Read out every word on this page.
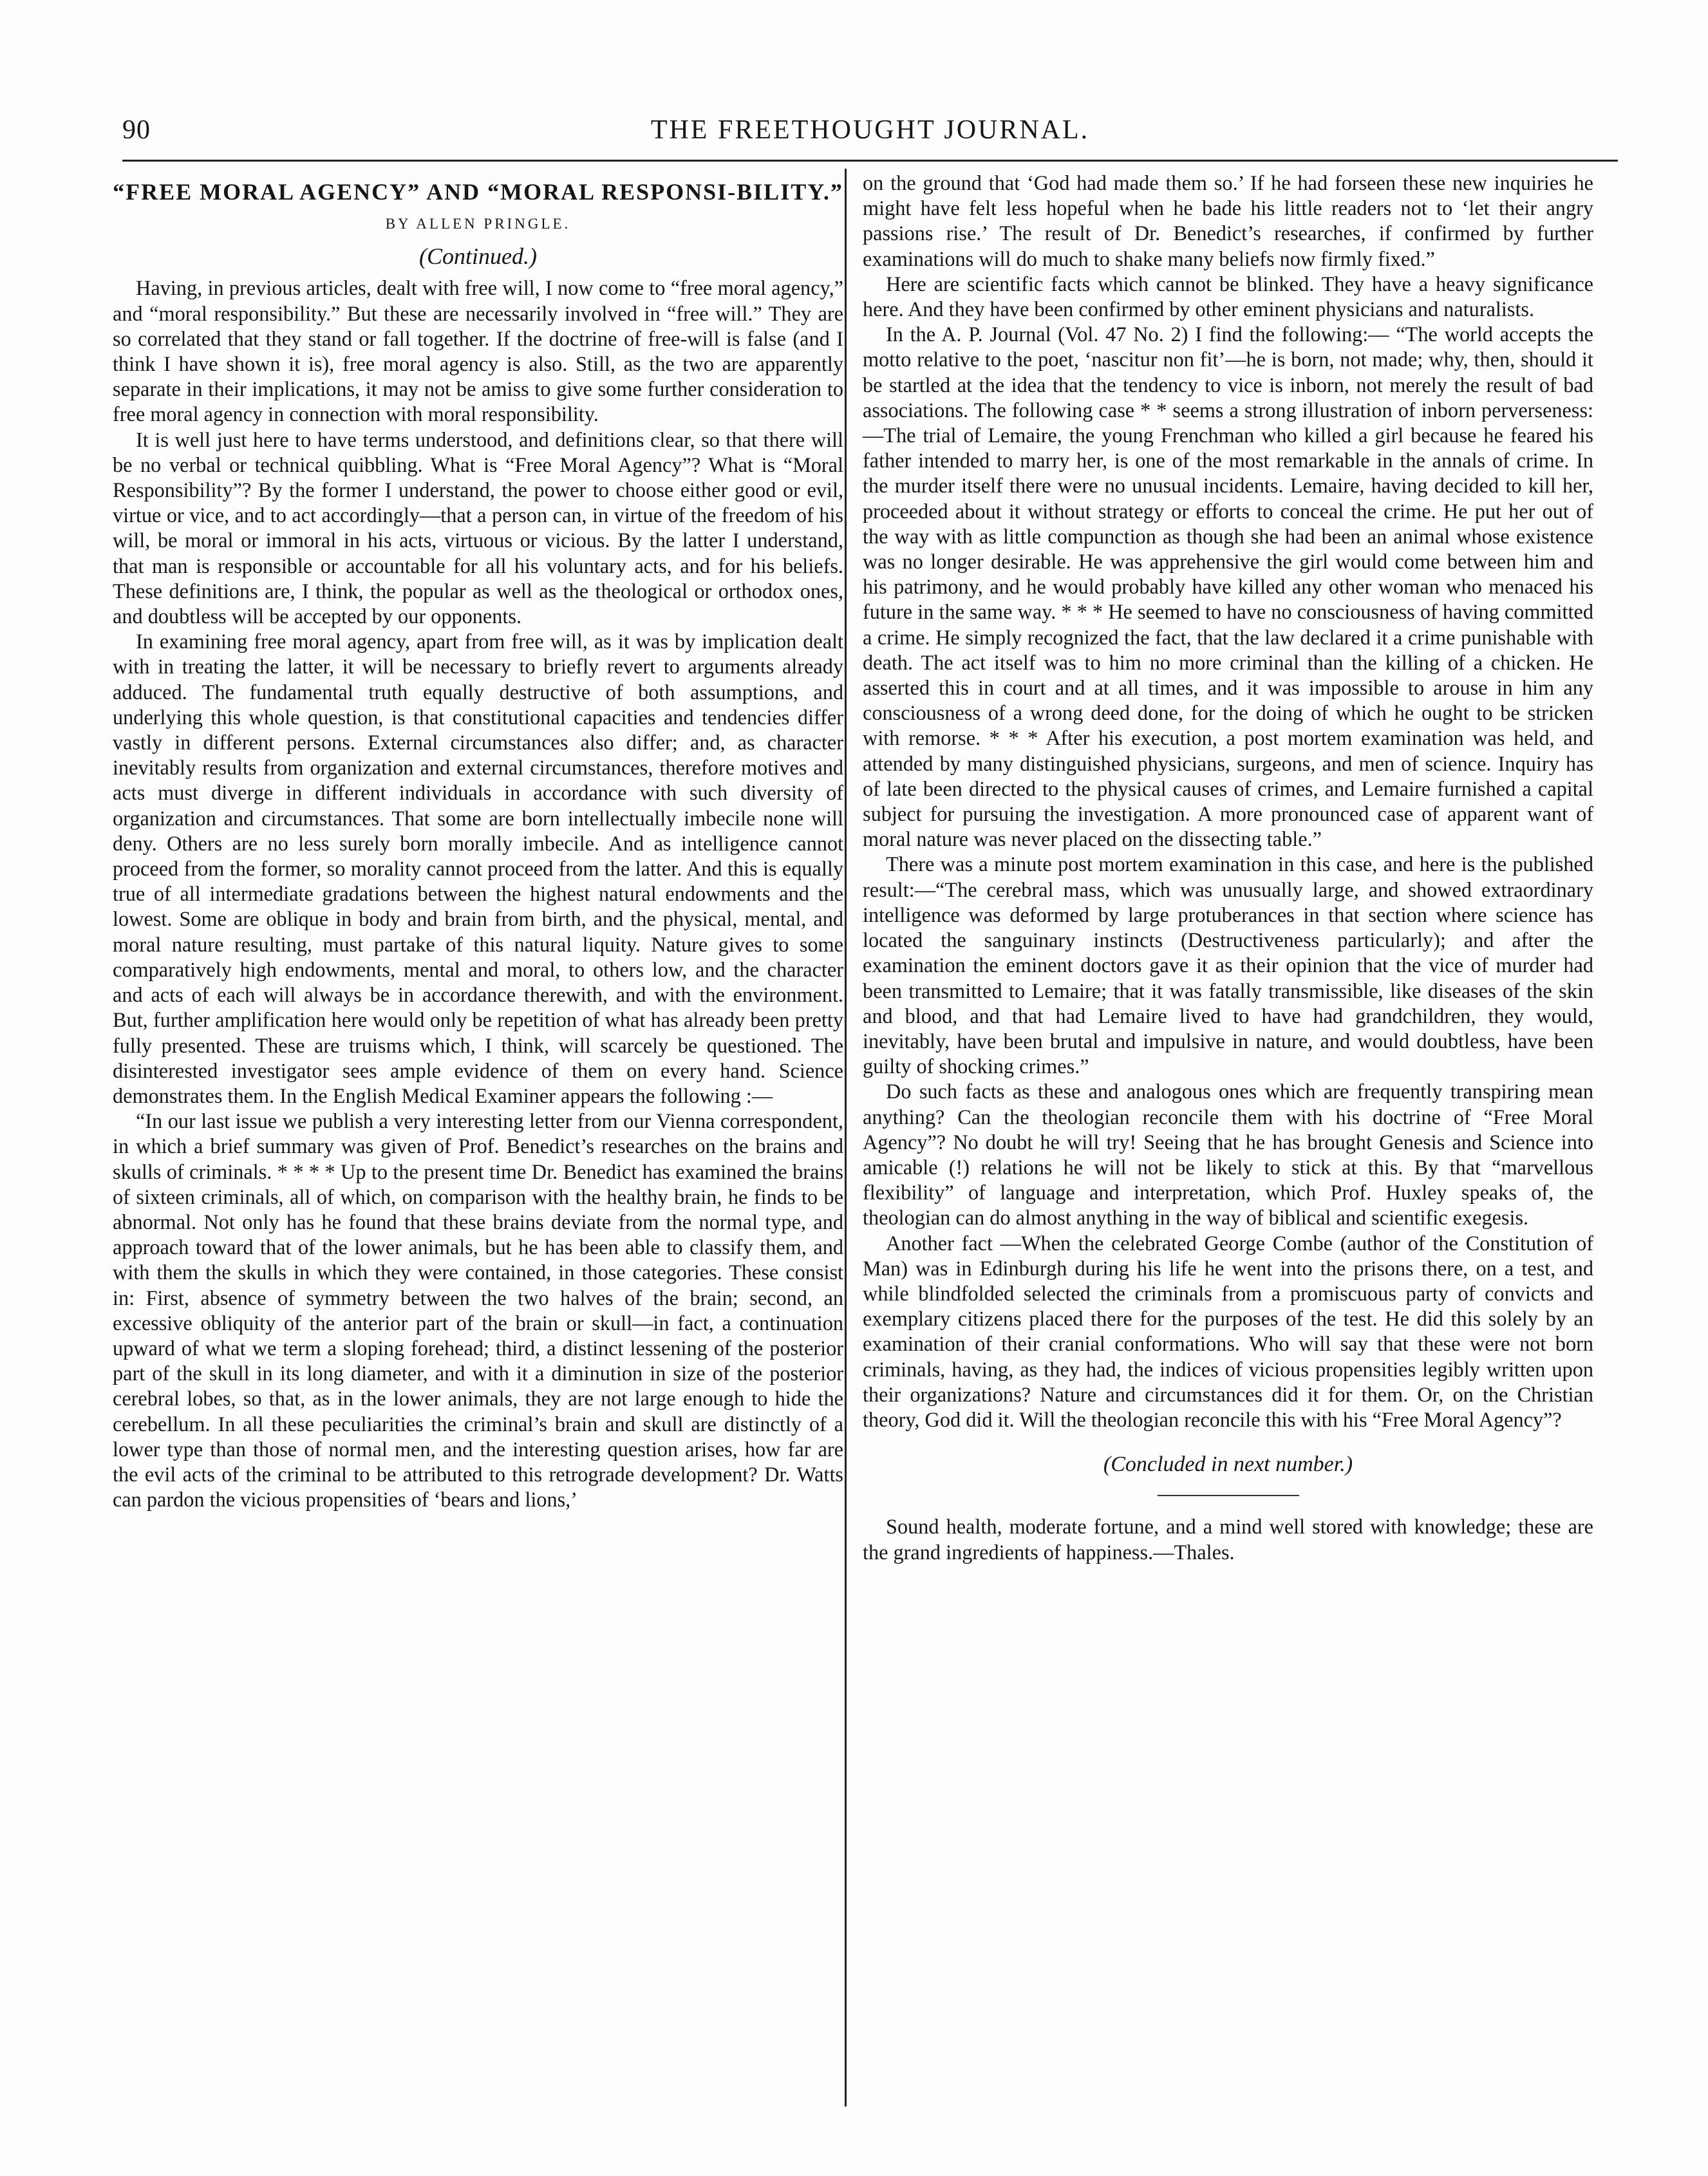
90	THE FREETHOUGHT JOURNAL.
“FREE MORAL AGENCY” AND “MORAL RESPONSI-BILITY.”
BY ALLEN PRINGLE.
(Continued.)

Having, in previous articles, dealt with free will, I now come to “free moral agency,” and “moral responsibility.” But these are necessarily involved in “free will.” They are so correlated that they stand or fall together. If the doctrine of free-will is false (and I think I have shown it is), free moral agency is also. Still, as the two are apparently separate in their implications, it may not be amiss to give some further consideration to free moral agency in connection with moral responsibility.

It is well just here to have terms understood, and definitions clear, so that there will be no verbal or technical quibbling. What is “Free Moral Agency”? What is “Moral Responsibility”? By the former I understand, the power to choose either good or evil, virtue or vice, and to act accordingly—that a person can, in virtue of the freedom of his will, be moral or immoral in his acts, virtuous or vicious. By the latter I understand, that man is responsible or accountable for all his voluntary acts, and for his beliefs. These definitions are, I think, the popular as well as the theological or orthodox ones, and doubtless will be accepted by our opponents.

In examining free moral agency, apart from free will, as it was by implication dealt with in treating the latter, it will be necessary to briefly revert to arguments already adduced. The fundamental truth equally destructive of both assumptions, and underlying this whole question, is that constitutional capacities and tendencies differ vastly in different persons. External circumstances also differ; and, as character inevitably results from organization and external circumstances, therefore motives and acts must diverge in different individuals in accordance with such diversity of organization and circumstances. That some are born intellectually imbecile none will deny. Others are no less surely born morally imbecile. And as intelligence cannot proceed from the former, so morality cannot proceed from the latter. And this is equally true of all intermediate gradations between the highest natural endowments and the lowest. Some are oblique in body and brain from birth, and the physical, mental, and moral nature resulting, must partake of this natural liquity. Nature gives to some comparatively high endowments, mental and moral, to others low, and the character and acts of each will always be in accordance therewith, and with the environment. But, further amplification here would only be repetition of what has already been pretty fully presented. These are truisms which, I think, will scarcely be questioned. The disinterested investigator sees ample evidence of them on every hand. Science demonstrates them. In the English Medical Examiner appears the following :—

“In our last issue we publish a very interesting letter from our Vienna correspondent, in which a brief summary was given of Prof. Benedict’s researches on the brains and skulls of criminals. * * * * Up to the present time Dr. Benedict has examined the brains of sixteen criminals, all of which, on comparison with the healthy brain, he finds to be abnormal. Not only has he found that these brains deviate from the normal type, and approach toward that of the lower animals, but he has been able to classify them, and with them the skulls in which they were contained, in those categories. These consist in: First, absence of symmetry between the two halves of the brain; second, an excessive obliquity of the anterior part of the brain or skull—in fact, a continuation upward of what we term a sloping forehead; third, a distinct lessening of the posterior part of the skull in its long diameter, and with it a diminution in size of the posterior cerebral lobes, so that, as in the lower animals, they are not large enough to hide the cerebellum. In all these peculiarities the criminal’s brain and skull are distinctly of a lower type than those of normal men, and the interesting question arises, how far are the evil acts of the criminal to be attributed to this retrograde development? Dr. Watts can pardon the vicious propensities of ‘bears and lions,’

on the ground that ‘God had made them so.’ If he had forseen these new inquiries he might have felt less hopeful when he bade his little readers not to ‘let their angry passions rise.’ The result of Dr. Benedict’s researches, if confirmed by further examinations will do much to shake many beliefs now firmly fixed.”

Here are scientific facts which cannot be blinked. They have a heavy significance here. And they have been confirmed by other eminent physicians and naturalists.

In the A. P. Journal (Vol. 47 No. 2) I find the following:— “The world accepts the motto relative to the poet, ‘nascitur non fit’—he is born, not made; why, then, should it be startled at the idea that the tendency to vice is inborn, not merely the result of bad associations. The following case * * seems a strong illustration of inborn perverseness:—The trial of Lemaire, the young Frenchman who killed a girl because he feared his father intended to marry her, is one of the most remarkable in the annals of crime. In the murder itself there were no unusual incidents. Lemaire, having decided to kill her, proceeded about it without strategy or efforts to conceal the crime. He put her out of the way with as little compunction as though she had been an animal whose existence was no longer desirable. He was apprehensive the girl would come between him and his patrimony, and he would probably have killed any other woman who menaced his future in the same way. * * * He seemed to have no consciousness of having committed a crime. He simply recognized the fact, that the law declared it a crime punishable with death. The act itself was to him no more criminal than the killing of a chicken. He asserted this in court and at all times, and it was impossible to arouse in him any consciousness of a wrong deed done, for the doing of which he ought to be stricken with remorse. * * * After his execution, a post mortem examination was held, and attended by many distinguished physicians, surgeons, and men of science. Inquiry has of late been directed to the physical causes of crimes, and Lemaire furnished a capital subject for pursuing the investigation. A more pronounced case of apparent want of moral nature was never placed on the dissecting table.”

There was a minute post mortem examination in this case, and here is the published result:—“The cerebral mass, which was unusually large, and showed extraordinary intelligence was deformed by large protuberances in that section where science has located the sanguinary instincts (Destructiveness particularly); and after the examination the eminent doctors gave it as their opinion that the vice of murder had been transmitted to Lemaire; that it was fatally transmissible, like diseases of the skin and blood, and that had Lemaire lived to have had grandchildren, they would, inevitably, have been brutal and impulsive in nature, and would doubtless, have been guilty of shocking crimes.”

Do such facts as these and analogous ones which are frequently transpiring mean anything? Can the theologian reconcile them with his doctrine of “Free Moral Agency”? No doubt he will try! Seeing that he has brought Genesis and Science into amicable (!) relations he will not be likely to stick at this. By that “marvellous flexibility” of language and interpretation, which Prof. Huxley speaks of, the theologian can do almost anything in the way of biblical and scientific exegesis.

Another fact —When the celebrated George Combe (author of the Constitution of Man) was in Edinburgh during his life he went into the prisons there, on a test, and while blindfolded selected the criminals from a promiscuous party of convicts and exemplary citizens placed there for the purposes of the test. He did this solely by an examination of their cranial conformations. Who will say that these were not born criminals, having, as they had, the indices of vicious propensities legibly written upon their organizations? Nature and circumstances did it for them. Or, on the Christian theory, God did it. Will the theologian reconcile this with his “Free Moral Agency”?

(Concluded in next number.)

Sound health, moderate fortune, and a mind well stored with knowledge; these are the grand ingredients of happiness.—Thales.
